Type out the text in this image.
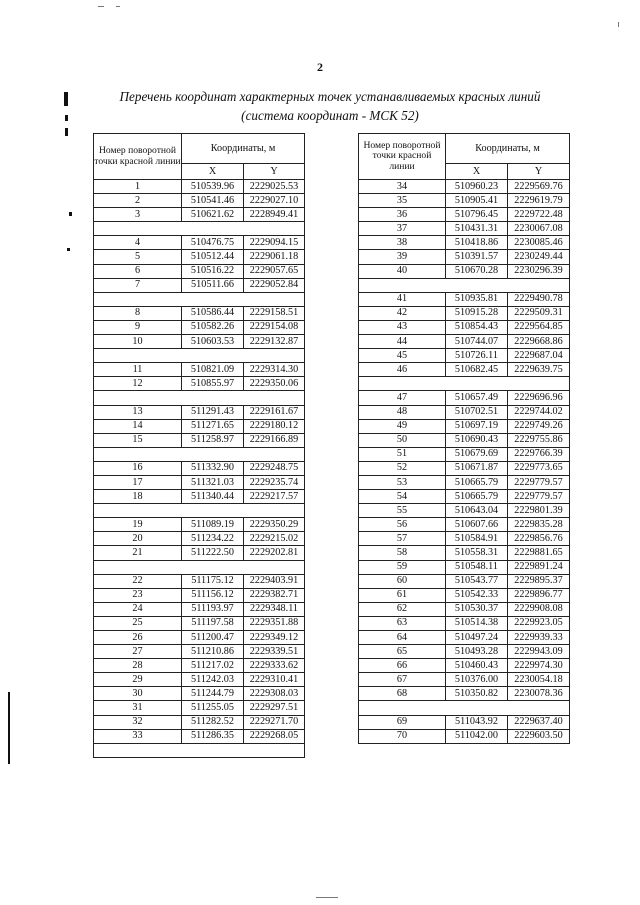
2
Перечень координат характерных точек устанавливаемых красных линий
(система координат - МСК 52)
Номер поворотной точки красной линии	Координаты, м	
	X	Y
1	510539.96	2229025.53
2	510541.46	2229027.10
3	510621.62	2228949.41

4	510476.75	2229094.15
5	510512.44	2229061.18
6	510516.22	2229057.65
7	510511.66	2229052.84

8	510586.44	2229158.51
9	510582.26	2229154.08
10	510603.53	2229132.87

11	510821.09	2229314.30
12	510855.97	2229350.06

13	511291.43	2229161.67
14	511271.65	2229180.12
15	511258.97	2229166.89

16	511332.90	2229248.75
17	511321.03	2229235.74
18	511340.44	2229217.57

19	511089.19	2229350.29
20	511234.22	2229215.02
21	511222.50	2229202.81

22	511175.12	2229403.91
23	511156.12	2229382.71
24	511193.97	2229348.11
25	511197.58	2229351.88
26	511200.47	2229349.12
27	511210.86	2229339.51
28	511217.02	2229333.62
29	511242.03	2229310.41
30	511244.79	2229308.03
31	511255.05	2229297.51
32	511282.52	2229271.70
33	511286.35	2229268.05

Номер поворотной точки красной линии	Координаты, м	
	X	Y
34	510960.23	2229569.76
35	510905.41	2229619.79
36	510796.45	2229722.48
37	510431.31	2230067.08
38	510418.86	2230085.46
39	510391.57	2230249.44
40	510670.28	2230296.39

41	510935.81	2229490.78
42	510915.28	2229509.31
43	510854.43	2229564.85
44	510744.07	2229668.86
45	510726.11	2229687.04
46	510682.45	2229639.75

47	510657.49	2229696.96
48	510702.51	2229744.02
49	510697.19	2229749.26
50	510690.43	2229755.86
51	510679.69	2229766.39
52	510671.87	2229773.65
53	510665.79	2229779.57
54	510665.79	2229779.57
55	510643.04	2229801.39
56	510607.66	2229835.28
57	510584.91	2229856.76
58	510558.31	2229881.65
59	510548.11	2229891.24
60	510543.77	2229895.37
61	510542.33	2229896.77
62	510530.37	2229908.08
63	510514.38	2229923.05
64	510497.24	2229939.33
65	510493.28	2229943.09
66	510460.43	2229974.30
67	510376.00	2230054.18
68	510350.82	2230078.36

69	511043.92	2229637.40
70	511042.00	2229603.50
